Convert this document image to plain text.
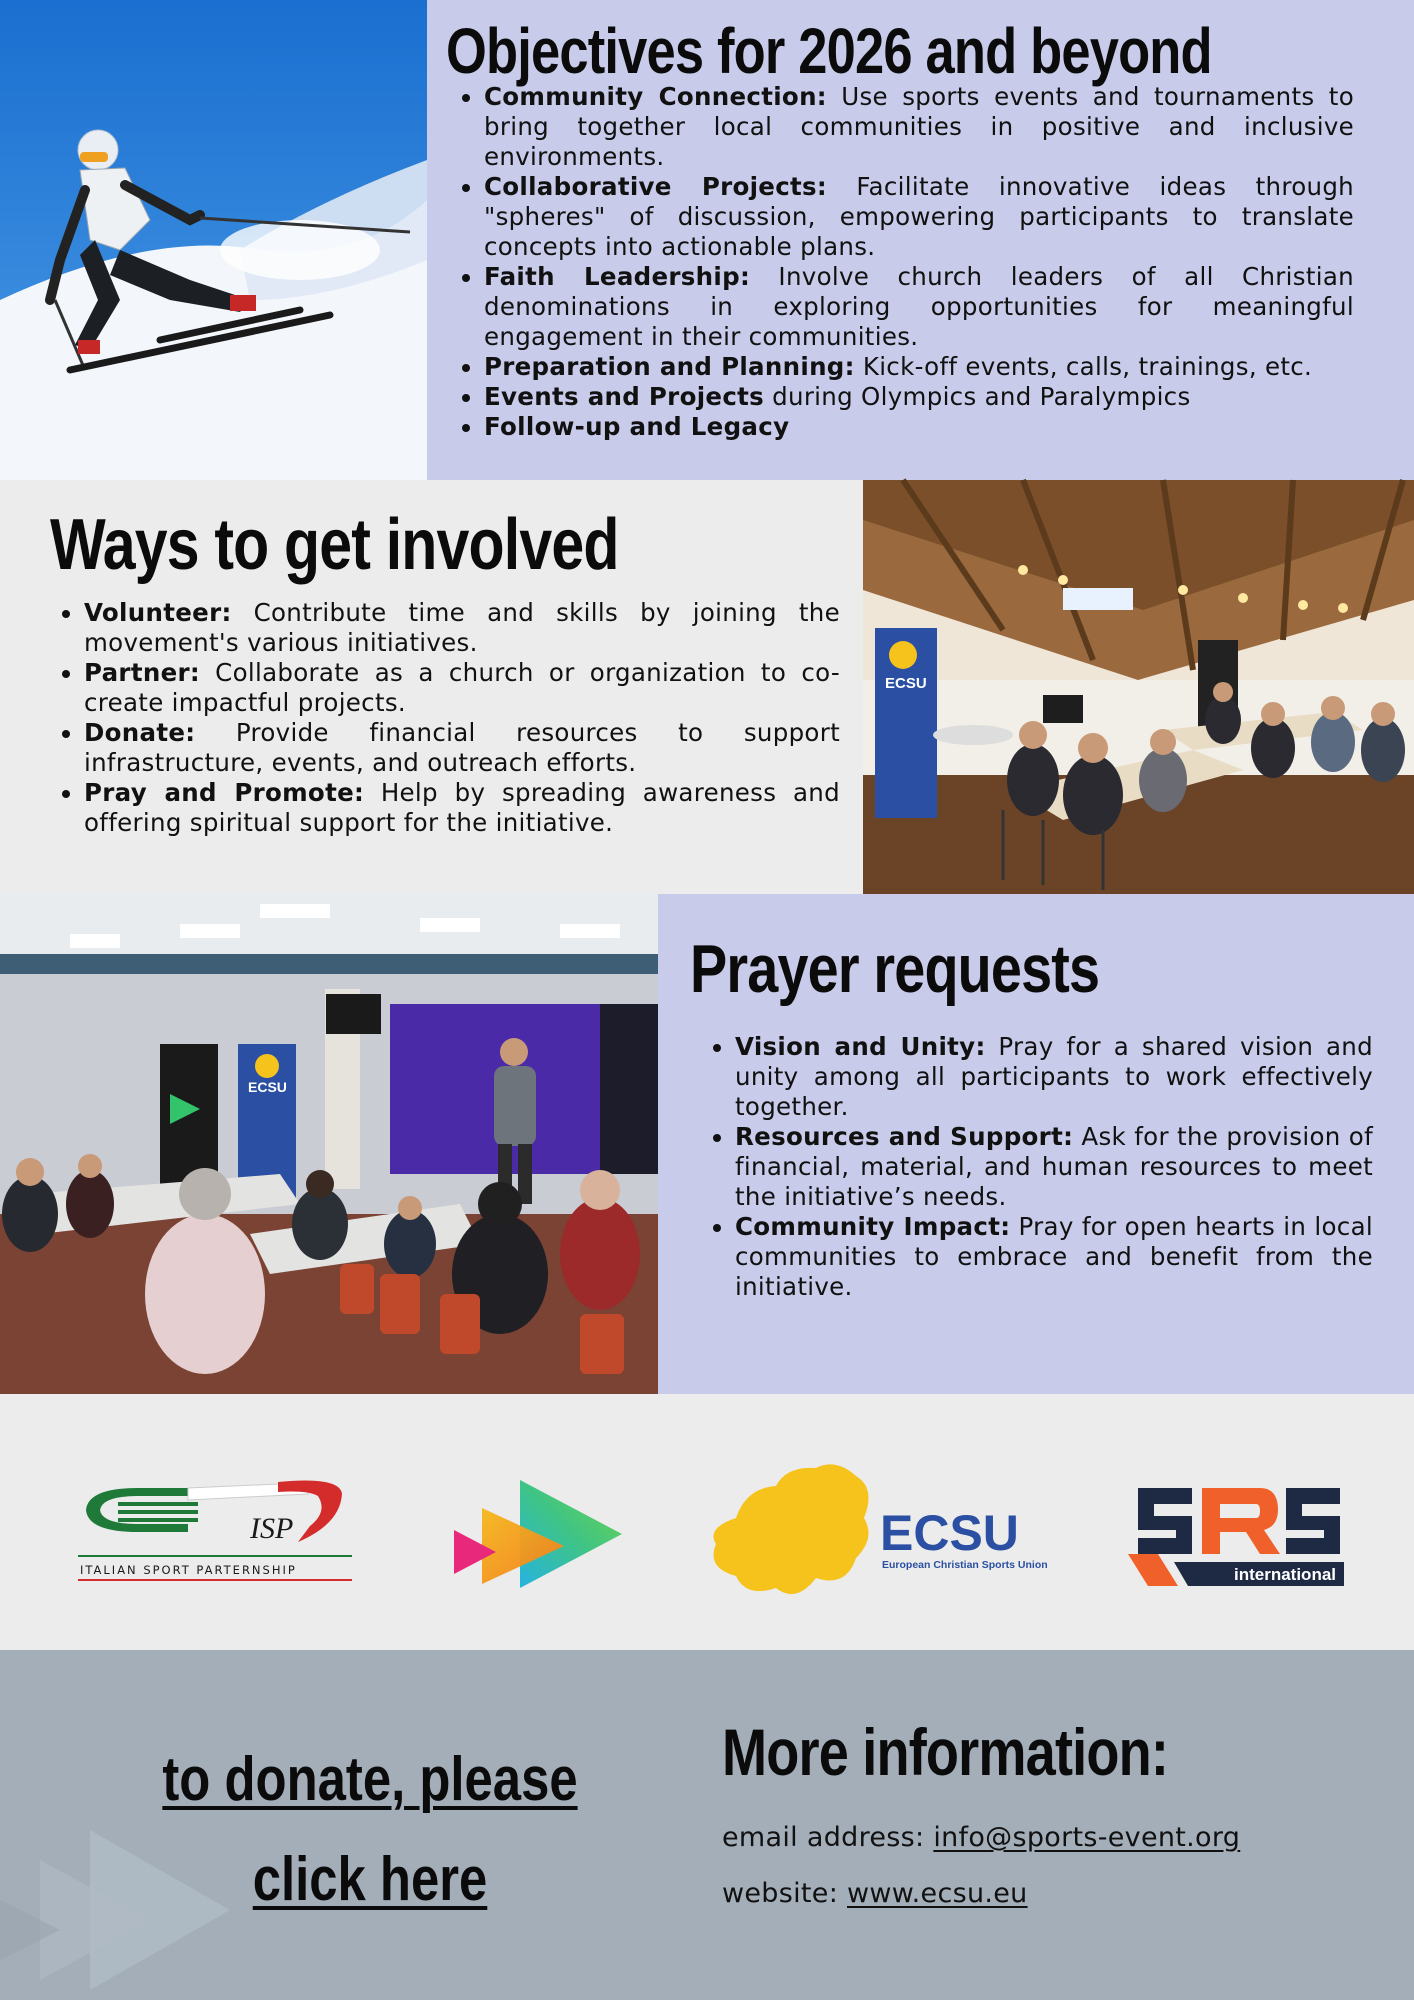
Objectives for 2026 and beyond
• Community Connection: Use sports events and tournaments to bring together local communities in positive and inclusive environments.
• Collaborative Projects: Facilitate innovative ideas through "spheres" of discussion, empowering participants to translate concepts into actionable plans.
• Faith Leadership: Involve church leaders of all Christian denominations in exploring opportunities for meaningful engagement in their communities.
• Preparation and Planning: Kick-off events, calls, trainings, etc.
• Events and Projects during Olympics and Paralympics
• Follow-up and Legacy
Ways to get involved
• Volunteer: Contribute time and skills by joining the movement's various initiatives.
• Partner: Collaborate as a church or organization to co-create impactful projects.
• Donate: Provide financial resources to support infrastructure, events, and outreach efforts.
• Pray and Promote: Help by spreading awareness and offering spiritual support for the initiative.
ECSU
ECSU
Prayer requests
• Vision and Unity: Pray for a shared vision and unity among all participants to work effectively together.
• Resources and Support: Ask for the provision of financial, material, and human resources to meet the initiative’s needs.
• Community Impact: Pray for open hearts in local communities to embrace and benefit from the initiative.
ISP
ITALIAN SPORT PARTERNSHIP
ECSU
European Christian Sports Union	international
to donate, please
click here
More information:

email address: info@sports-event.org

website: www.ecsu.eu
